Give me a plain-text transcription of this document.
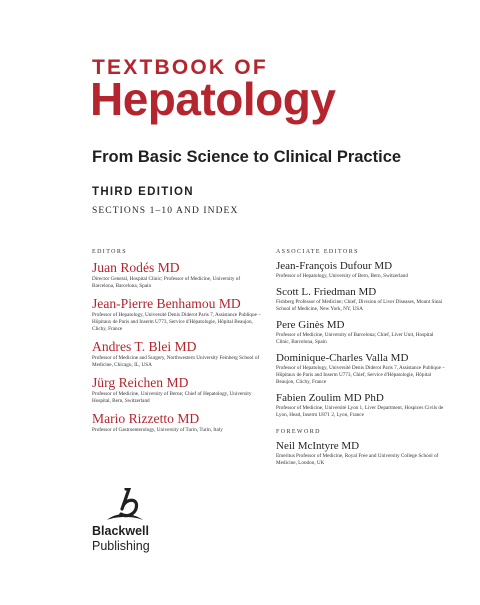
TEXTBOOK OF
Hepatology
From Basic Science to Clinical Practice
THIRD EDITION
SECTIONS 1–10 AND INDEX
EDITORS
Juan Rodés MD
Director General, Hospital Clinic; Professor of Medicine, University of Barcelona, Barcelona, Spain
Jean-Pierre Benhamou MD
Professor of Hepatology, Université Denis Diderot Paris 7, Assistance Publique – Hôpitaux de Paris and Inserm U773, Service d'Hépatologie, Hôpital Beaujon, Clichy, France
Andres T. Blei MD
Professor of Medicine and Surgery, Northwestern University Feinberg School of Medicine, Chicago, IL, USA
Jürg Reichen MD
Professor of Medicine, University of Berne; Chief of Hepatology, University Hospital, Bern, Switzerland
Mario Rizzetto MD
Professor of Gastroenterology, University of Turin, Turin, Italy
ASSOCIATE EDITORS
Jean-François Dufour MD
Professor of Hepatology, University of Bern, Bern, Switzerland
Scott L. Friedman MD
Fishberg Professor of Medicine; Chief, Division of Liver Diseases, Mount Sinai School of Medicine, New York, NY, USA
Pere Ginès MD
Professor of Medicine, University of Barcelona; Chief, Liver Unit, Hospital Clinic, Barcelona, Spain
Dominique-Charles Valla MD
Professor of Hepatology, Université Denis Diderot Paris 7, Assistance Publique – Hôpitaux de Paris and Inserm U773, Chief, Service d'Hépatologie, Hôpital Beaujon, Clichy, France
Fabien Zoulim MD PhD
Professor of Medicine, Université Lyon 1, Liver Department, Hospices Civils de Lyon, Head, Inserm U871 2, Lyon, France
FOREWORD
Neil McIntyre MD
Emeritus Professor of Medicine, Royal Free and University College School of Medicine, London, UK
Blackwell
Publishing
